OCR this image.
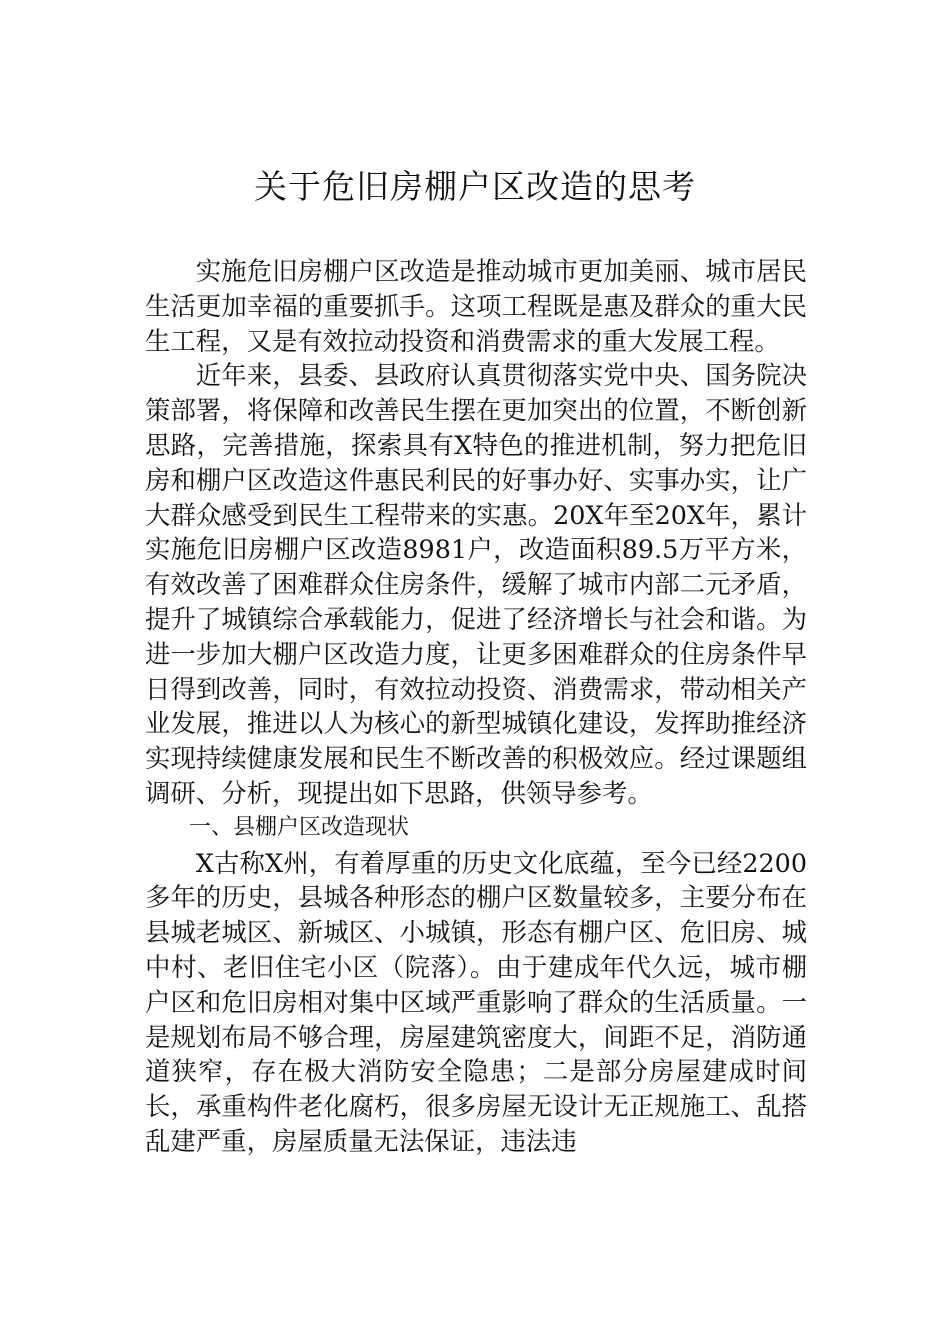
关于危旧房棚户区改造的思考

实施危旧房棚户区改造是推动城市更加美丽、城市居民生活更加幸福的重要抓手。这项工程既是惠及群众的重大民生工程，又是有效拉动投资和消费需求的重大发展工程。

近年来，县委、县政府认真贯彻落实党中央、国务院决策部署，将保障和改善民生摆在更加突出的位置，不断创新思路，完善措施，探索具有X特色的推进机制，努力把危旧房和棚户区改造这件惠民利民的好事办好、实事办实，让广大群众感受到民生工程带来的实惠。20X年至20X年，累计实施危旧房棚户区改造8981户，改造面积89.5万平方米，有效改善了困难群众住房条件，缓解了城市内部二元矛盾，提升了城镇综合承载能力，促进了经济增长与社会和谐。为进一步加大棚户区改造力度，让更多困难群众的住房条件早日得到改善，同时，有效拉动投资、消费需求，带动相关产业发展，推进以人为核心的新型城镇化建设，发挥助推经济实现持续健康发展和民生不断改善的积极效应。经过课题组调研、分析，现提出如下思路，供领导参考。

一、县棚户区改造现状

X古称X州，有着厚重的历史文化底蕴，至今已经2200多年的历史，县城各种形态的棚户区数量较多，主要分布在县城老城区、新城区、小城镇，形态有棚户区、危旧房、城中村、老旧住宅小区（院落）。由于建成年代久远，城市棚户区和危旧房相对集中区域严重影响了群众的生活质量。一是规划布局不够合理，房屋建筑密度大，间距不足，消防通道狭窄，存在极大消防安全隐患；二是部分房屋建成时间长，承重构件老化腐朽，很多房屋无设计无正规施工、乱搭乱建严重，房屋质量无法保证，违法违
